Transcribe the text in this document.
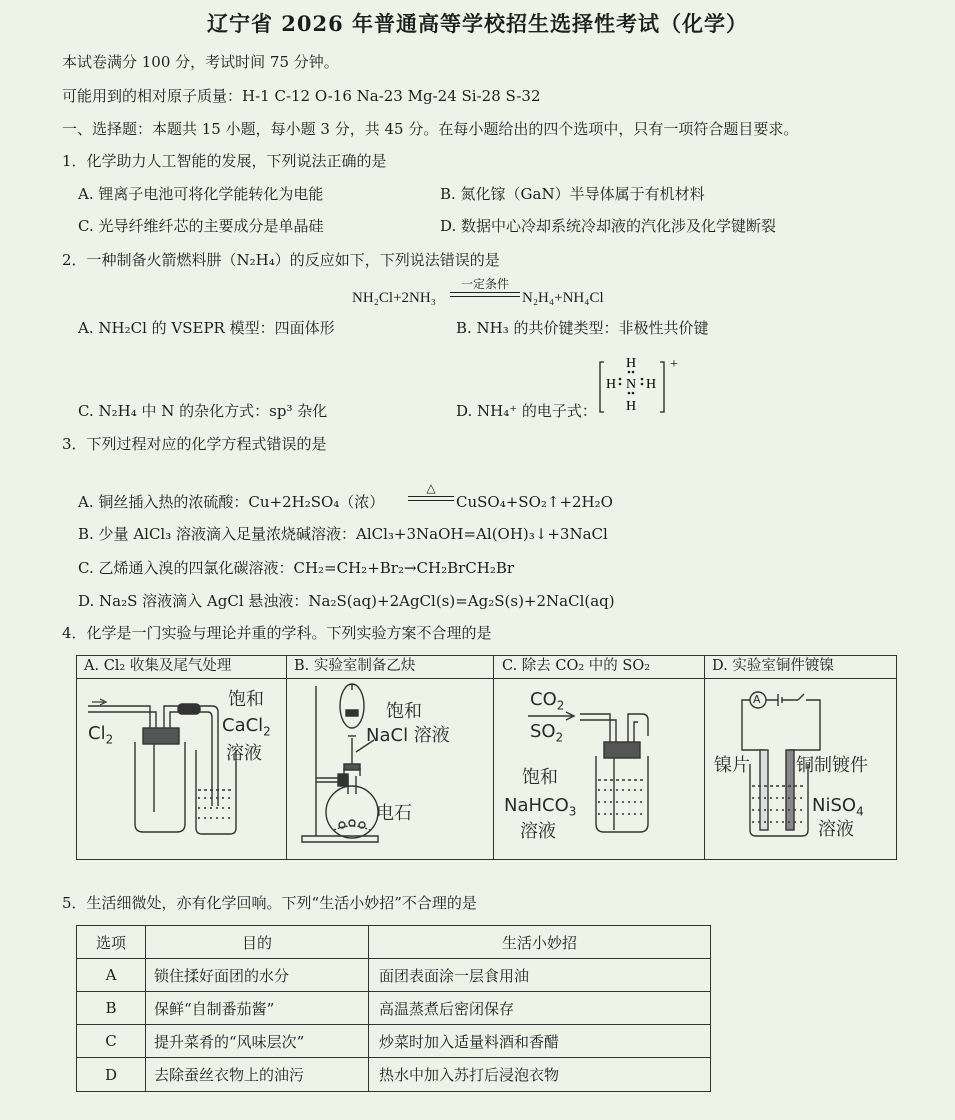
辽宁省 2026 年普通高等学校招生选择性考试（化学）
本试卷满分 100 分，考试时间 75 分钟。
可能用到的相对原子质量：H-1 C-12 O-16 Na-23 Mg-24 Si-28 S-32
一、选择题：本题共 15 小题，每小题 3 分，共 45 分。在每小题给出的四个选项中，只有一项符合题目要求。
1．化学助力人工智能的发展，下列说法正确的是
A. 锂离子电池可将化学能转化为电能	B. 氮化镓（GaN）半导体属于有机材料
C. 光导纤维纤芯的主要成分是单晶硅	D. 数据中心冷却系统冷却液的汽化涉及化学键断裂
2．一种制备火箭燃料肼（N₂H₄）的反应如下，下列说法错误的是
NH₂Cl+2NH₃
一定条件
N₂H₄+NH₄Cl
A. NH₂Cl 的 VSEPR 模型：四面体形	B. NH₃ 的共价键类型：非极性共价键
C. N₂H₄ 中 N 的杂化方式：sp³ 杂化	D. NH₄⁺ 的电子式：
H
H N H
H
+
3．下列过程对应的化学方程式错误的是
A. 铜丝插入热的浓硫酸：Cu+2H₂SO₄（浓）
△
CuSO₄+SO₂↑+2H₂O
B. 少量 AlCl₃ 溶液滴入足量浓烧碱溶液：AlCl₃+3NaOH=Al(OH)₃↓+3NaCl
C. 乙烯通入溴的四氯化碳溶液：CH₂=CH₂+Br₂→CH₂BrCH₂Br
D. Na₂S 溶液滴入 AgCl 悬浊液：Na₂S(aq)+2AgCl(s)=Ag₂S(s)+2NaCl(aq)
4．化学是一门实验与理论并重的学科。下列实验方案不合理的是
A. Cl₂ 收集及尾气处理	B. 实验室制备乙炔	C. 除去 CO₂ 中的 SO₂	D. 实验室铜件镀镍
$Cl_2$
饱和
CaCl$_2$
溶液
饱和
NaCl 溶液
电石
$CO_2$
$SO_2$
饱和
NaHCO$_3$
溶液
A
镍片	铜制镀件
NiSO$_4$
溶液
5．生活细微处，亦有化学回响。下列“生活小妙招”不合理的是
选项	目的	生活小妙招
A	锁住揉好面团的水分	面团表面涂一层食用油
B	保鲜“自制番茄酱”	高温蒸煮后密闭保存
C	提升菜肴的“风味层次”	炒菜时加入适量料酒和香醋
D	去除蚕丝衣物上的油污	热水中加入苏打后浸泡衣物
